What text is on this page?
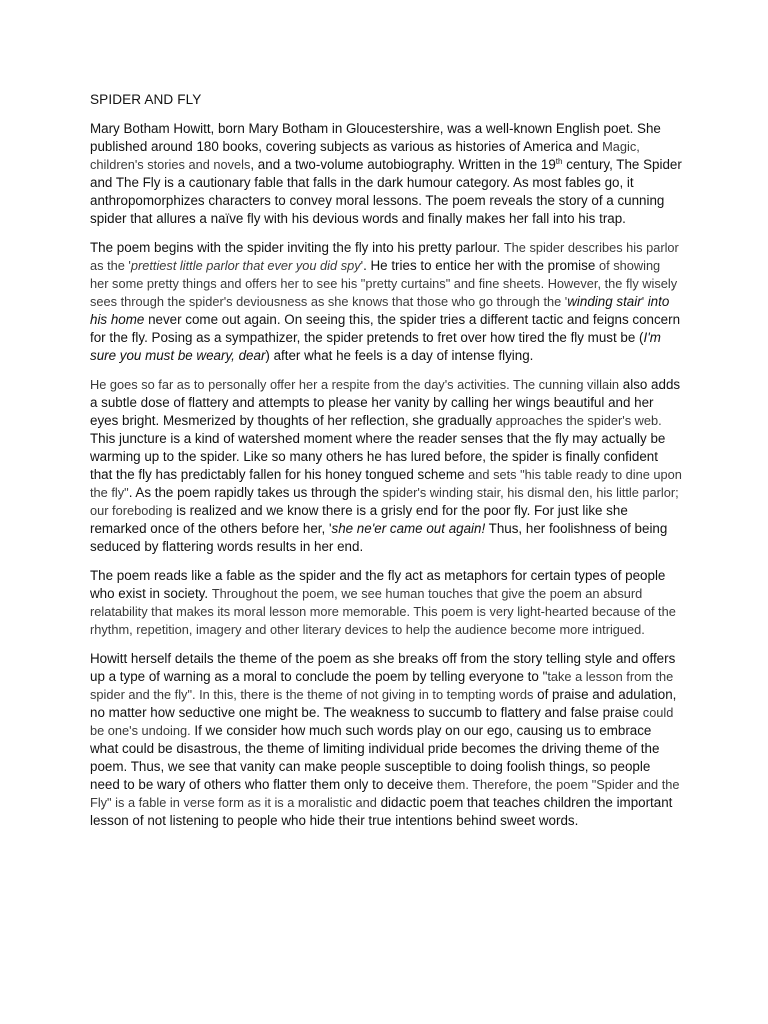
SPIDER AND FLY

Mary Botham Howitt, born Mary Botham in Gloucestershire, was a well-known English poet. She published around 180 books, covering subjects as various as histories of America and Magic, children's stories and novels, and a two-volume autobiography. Written in the 19th century, The Spider and The Fly is a cautionary fable that falls in the dark humour category. As most fables go, it anthropomorphizes characters to convey moral lessons. The poem reveals the story of a cunning spider that allures a naïve fly with his devious words and finally makes her fall into his trap.

The poem begins with the spider inviting the fly into his pretty parlour. The spider describes his parlor as the 'prettiest little parlor that ever you did spy'. He tries to entice her with the promise of showing her some pretty things and offers her to see his "pretty curtains" and fine sheets. However, the fly wisely sees through the spider's deviousness as she knows that those who go through the 'winding stair' into his home never come out again. On seeing this, the spider tries a different tactic and feigns concern for the fly. Posing as a sympathizer, the spider pretends to fret over how tired the fly must be (I'm sure you must be weary, dear) after what he feels is a day of intense flying.

He goes so far as to personally offer her a respite from the day's activities. The cunning villain also adds a subtle dose of flattery and attempts to please her vanity by calling her wings beautiful and her eyes bright. Mesmerized by thoughts of her reflection, she gradually approaches the spider's web. This juncture is a kind of watershed moment where the reader senses that the fly may actually be warming up to the spider. Like so many others he has lured before, the spider is finally confident that the fly has predictably fallen for his honey tongued scheme and sets "his table ready to dine upon the fly". As the poem rapidly takes us through the spider's winding stair, his dismal den, his little parlor; our foreboding is realized and we know there is a grisly end for the poor fly. For just like she remarked once of the others before her, 'she ne'er came out again! Thus, her foolishness of being seduced by flattering words results in her end.

The poem reads like a fable as the spider and the fly act as metaphors for certain types of people who exist in society. Throughout the poem, we see human touches that give the poem an absurd relatability that makes its moral lesson more memorable. This poem is very light-hearted because of the rhythm, repetition, imagery and other literary devices to help the audience become more intrigued.

Howitt herself details the theme of the poem as she breaks off from the story telling style and offers up a type of warning as a moral to conclude the poem by telling everyone to "take a lesson from the spider and the fly". In this, there is the theme of not giving in to tempting words of praise and adulation, no matter how seductive one might be. The weakness to succumb to flattery and false praise could be one's undoing. If we consider how much such words play on our ego, causing us to embrace what could be disastrous, the theme of limiting individual pride becomes the driving theme of the poem. Thus, we see that vanity can make people susceptible to doing foolish things, so people need to be wary of others who flatter them only to deceive them. Therefore, the poem "Spider and the Fly" is a fable in verse form as it is a moralistic and didactic poem that teaches children the important lesson of not listening to people who hide their true intentions behind sweet words.
